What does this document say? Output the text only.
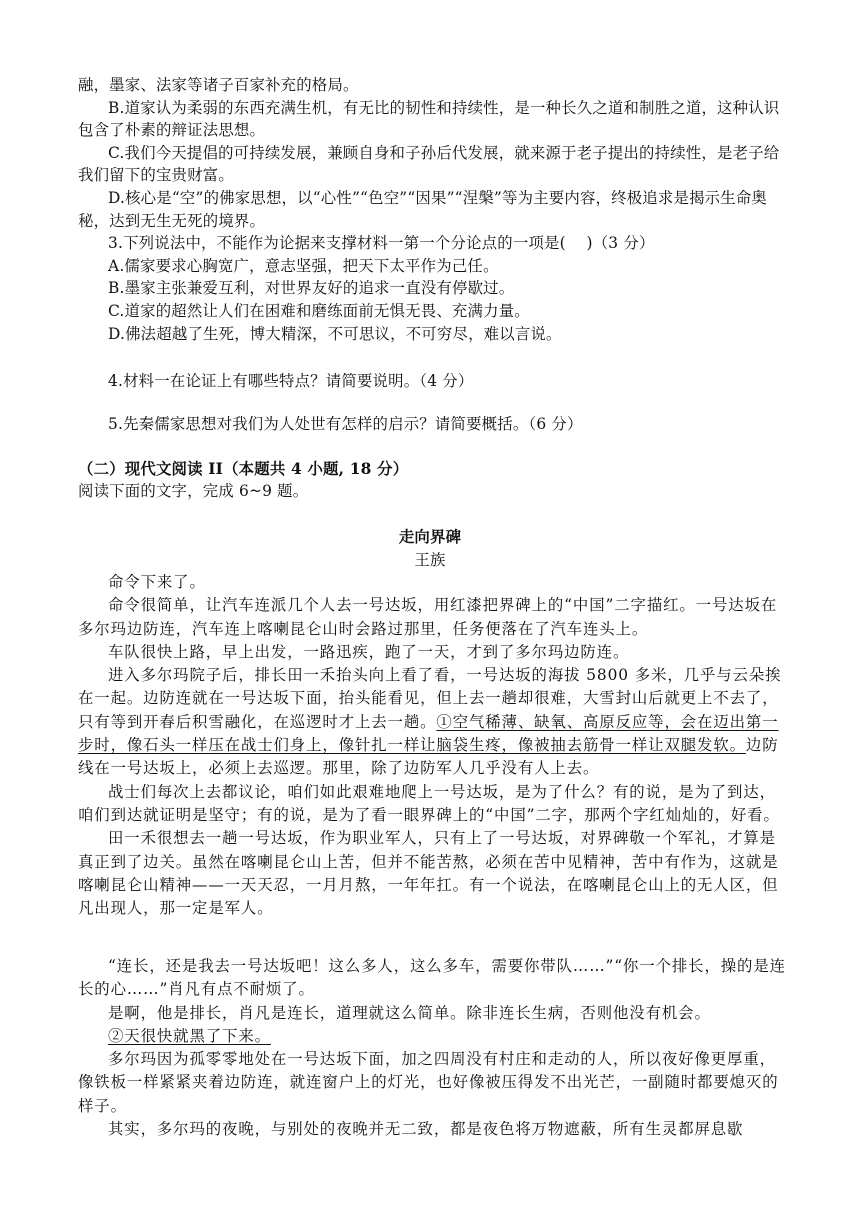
融，墨家、法家等诸子百家补充的格局。

B.道家认为柔弱的东西充满生机，有无比的韧性和持续性，是一种长久之道和制胜之道，这种认识包含了朴素的辩证法思想。

C.我们今天提倡的可持续发展，兼顾自身和子孙后代发展，就来源于老子提出的持续性，是老子给我们留下的宝贵财富。

D.核心是“空”的佛家思想，以“心性”“色空”“因果”“涅槃”等为主要内容，终极追求是揭示生命奥秘，达到无生无死的境界。

3.下列说法中，不能作为论据来支撑材料一第一个分论点的一项是(　 )（3 分）

A.儒家要求心胸宽广，意志坚强，把天下太平作为己任。

B.墨家主张兼爱互利，对世界友好的追求一直没有停歇过。

C.道家的超然让人们在困难和磨练面前无惧无畏、充满力量。

D.佛法超越了生死，博大精深，不可思议，不可穷尽，难以言说。

4.材料一在论证上有哪些特点？请简要说明。（4 分）

5.先秦儒家思想对我们为人处世有怎样的启示？请简要概括。（6 分）

（二）现代文阅读 II（本题共 4 小题, 18 分）

阅读下面的文字，完成 6~9 题。

走向界碑

王族

命令下来了。

命令很简单，让汽车连派几个人去一号达坂，用红漆把界碑上的“中国”二字描红。一号达坂在多尔玛边防连，汽车连上喀喇昆仑山时会路过那里，任务便落在了汽车连头上。

车队很快上路，早上出发，一路迅疾，跑了一天，才到了多尔玛边防连。

进入多尔玛院子后，排长田一禾抬头向上看了看，一号达坂的海拔 5800 多米，几乎与云朵挨在一起。边防连就在一号达坂下面，抬头能看见，但上去一趟却很难，大雪封山后就更上不去了，只有等到开春后积雪融化，在巡逻时才上去一趟。①空气稀薄、缺氧、高原反应等，会在迈出第一步时，像石头一样压在战士们身上，像针扎一样让脑袋生疼，像被抽去筋骨一样让双腿发软。边防线在一号达坂上，必须上去巡逻。那里，除了边防军人几乎没有人上去。

战士们每次上去都议论，咱们如此艰难地爬上一号达坂，是为了什么？有的说，是为了到达，咱们到达就证明是坚守；有的说，是为了看一眼界碑上的“中国”二字，那两个字红灿灿的，好看。

田一禾很想去一趟一号达坂，作为职业军人，只有上了一号达坂，对界碑敬一个军礼，才算是真正到了边关。虽然在喀喇昆仑山上苦，但并不能苦熬，必须在苦中见精神，苦中有作为，这就是喀喇昆仑山精神——一天天忍，一月月熬，一年年扛。有一个说法，在喀喇昆仑山上的无人区，但凡出现人，那一定是军人。

“连长，还是我去一号达坂吧！这么多人，这么多车，需要你带队……”“你一个排长，操的是连长的心……”肖凡有点不耐烦了。

是啊，他是排长，肖凡是连长，道理就这么简单。除非连长生病，否则他没有机会。

②天很快就黑了下来。

多尔玛因为孤零零地处在一号达坂下面，加之四周没有村庄和走动的人，所以夜好像更厚重，像铁板一样紧紧夹着边防连，就连窗户上的灯光，也好像被压得发不出光芒，一副随时都要熄灭的样子。

其实，多尔玛的夜晚，与别处的夜晚并无二致，都是夜色将万物遮蔽，所有生灵都屏息歇
